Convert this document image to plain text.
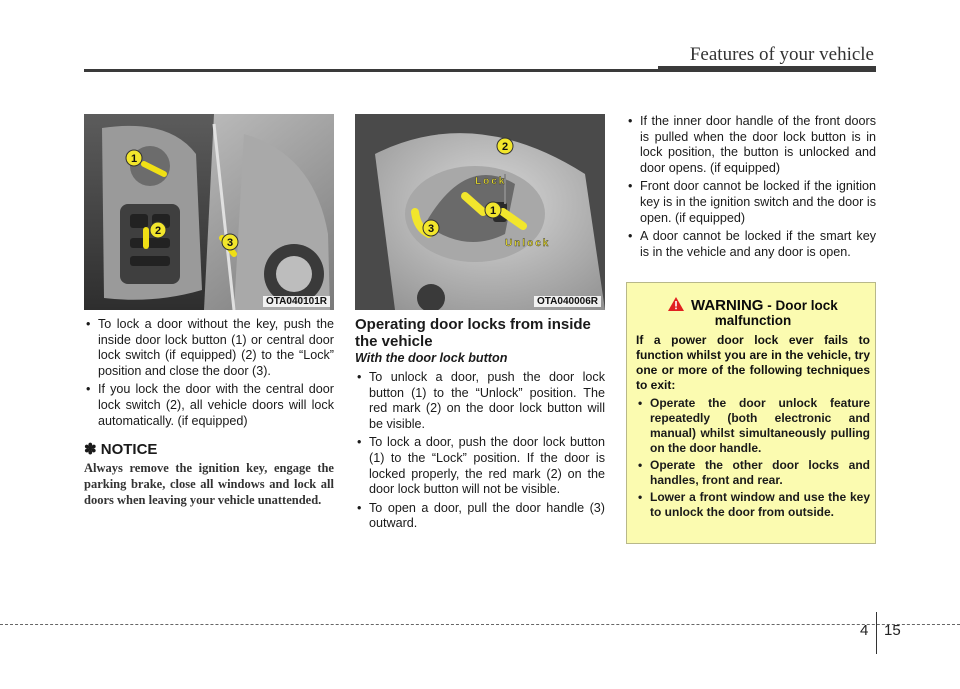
Features of your vehicle
1
2
3
OTA040101R
Lock
Unlock
1
2
3
OTA040006R
• To lock a door without the key, push the inside door lock button (1) or central door lock switch (if equipped) (2) to the “Lock” position and close the door (3).
• If you lock the door with the central door lock switch (2), all vehicle doors will lock automatically. (if equipped)
✽ NOTICE
Always remove the ignition key, engage the parking brake, close all windows and lock all doors when leaving your vehicle unattended.
Operating door locks from inside the vehicle
With the door lock button
• To unlock a door, push the door lock button (1) to the “Unlock” position. The red mark (2) on the door lock button will be visible.
• To lock a door, push the door lock button (1) to the “Lock” position. If the door is locked properly, the red mark (2) on the door lock button will not be visible.
• To open a door, pull the door handle (3) outward.
• If the inner door handle of the front doors is pulled when the door lock button is in lock position, the button is unlocked and door opens. (if equipped)
• Front door cannot be locked if the ignition key is in the ignition switch and the door is open. (if equipped)
• A door cannot be locked if the smart key is in the vehicle and any door is open.
WARNING - Door lock malfunction
If a power door lock ever fails to function whilst you are in the vehicle, try one or more of the following techniques to exit:
• Operate the door unlock feature repeatedly (both electronic and manual) whilst simultaneously pulling on the door handle.
• Operate the other door locks and handles, front and rear.
• Lower a front window and use the key to unlock the door from outside.
4 15
